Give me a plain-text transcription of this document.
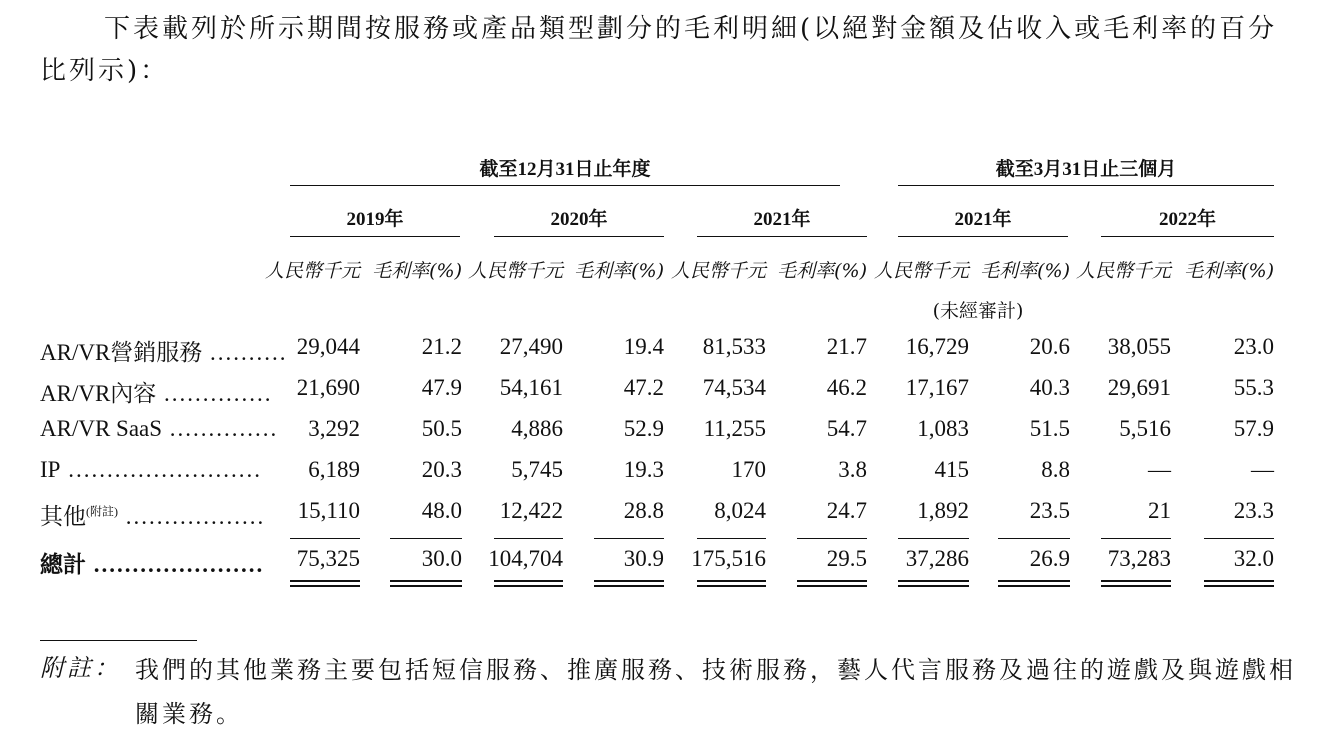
下表載列於所示期間按服務或產品類型劃分的毛利明細(以絕對金額及佔收入或毛利率的百分比列示)：

截至12月31日止年度	截至3月31日止三個月
2019年	2020年	2021年	2021年	2022年
人民幣千元 毛利率(%) 人民幣千元 毛利率(%) 人民幣千元 毛利率(%) 人民幣千元 毛利率(%) 人民幣千元 毛利率(%)
(未經審計)
AR/VR營銷服務 .......... 29,044	21.2	27,490	19.4	81,533	21.7	16,729	20.6	38,055	23.0
AR/VR內容 ..............	21,690	47.9	54,161	47.2	74,534	46.2	17,167	40.3	29,691	55.3
AR/VR SaaS ..............	3,292	50.5	4,886	52.9	11,255	54.7	1,083	51.5	5,516	57.9
IP .........................	6,189	20.3	5,745	19.3	170	3.8	415	8.8	—	—
其他$^{(附註)}$ ..................	15,110	48.0	12,422	28.8	8,024	24.7	1,892	23.5	21	23.3
總計 ......................	75,325	30.0	104,704	30.9	175,516	29.5	37,286	26.9	73,283	32.0
附註： 我們的其他業務主要包括短信服務、推廣服務、技術服務，藝人代言服務及過往的遊戲及與遊戲相關業務。
